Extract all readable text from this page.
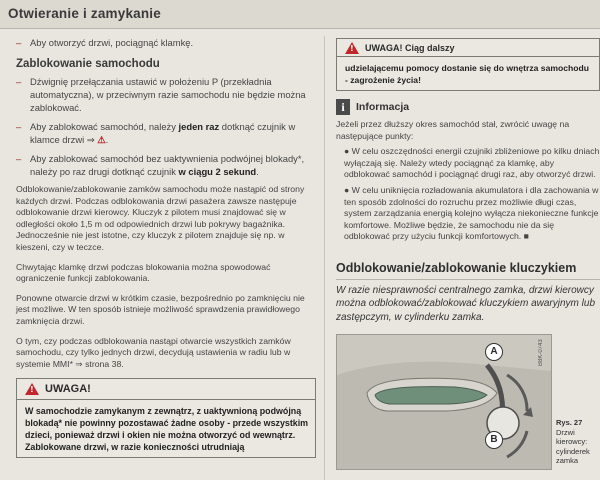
Otwieranie i zamykanie
– Aby otworzyć drzwi, pociągnąć klamkę.
Zablokowanie samochodu
– Dźwignię przełączania ustawić w położeniu P (przekładnia automatyczna), w przeciwnym razie samochodu nie będzie można zablokować.
– Aby zablokować samochód, należy jeden raz dotknąć czujnik w klamce drzwi ⇒ ⚠.
– Aby zablokować samochód bez uaktywnienia podwójnej blokady*, należy po raz drugi dotknąć czujnik w ciągu 2 sekund.

Odblokowanie/zablokowanie zamków samochodu może nastąpić od strony każdych drzwi. Podczas odblokowania drzwi pasażera zawsze następuje odblokowanie drzwi kierowcy. Kluczyk z pilotem musi znajdować się w odległości około 1,5 m od odpowiednich drzwi lub pokrywy bagażnika. Jednocześnie nie jest istotne, czy kluczyk z pilotem znajduje się np. w kieszeni, czy w teczce.

Chwytając klamkę drzwi podczas blokowania można spowodować ograniczenie funkcji zablokowania.

Ponowne otwarcie drzwi w krótkim czasie, bezpośrednio po zamknięciu nie jest możliwe. W ten sposób istnieje możliwość sprawdzenia prawidłowego zamknięcia drzwi.

O tym, czy podczas odblokowania nastąpi otwarcie wszystkich zamków samochodu, czy tylko jednych drzwi, decydują ustawienia w radiu lub w systemie MMI* ⇒ strona 38.

! UWAGA!
W samochodzie zamykanym z zewnątrz, z uaktywnioną podwójną blokadą* nie powinny pozostawać żadne osoby - przede wszystkim dzieci, ponieważ drzwi i okien nie można otworzyć od wewnątrz. Zablokowane drzwi, w razie konieczności utrudniają
! UWAGA! Ciąg dalszy
udzielającemu pomocy dostanie się do wnętrza samochodu - zagrożenie życia!
i	Informacja

Jeżeli przez dłuższy okres samochód stał, zwrócić uwagę na następujące punkty:

● W celu oszczędności energii czujniki zbliżeniowe po kilku dniach wyłączają się. Należy wtedy pociągnąć za klamkę, aby odblokować samochód i pociągnąć drugi raz, aby otworzyć drzwi.
● W celu uniknięcia rozładowania akumulatora i dla zachowania w ten sposób zdolności do rozruchu przez możliwie długi czas, system zarządzania energią kolejno wyłącza niekonieczne funkcje komfortowe. Możliwe będzie, że samochodu nie da się odblokować przy użyciu funkcji komfortowych. ■
Odblokowanie/zablokowanie kluczykiem

W razie niesprawności centralnego zamka, drzwi kierowcy można odblokować/zablokować kluczykiem awaryjnym lub zastępczym, w cylinderku zamka.

A
B
B8K-0743
Rys. 27 Drzwi kierowcy: cylinderek zamka
